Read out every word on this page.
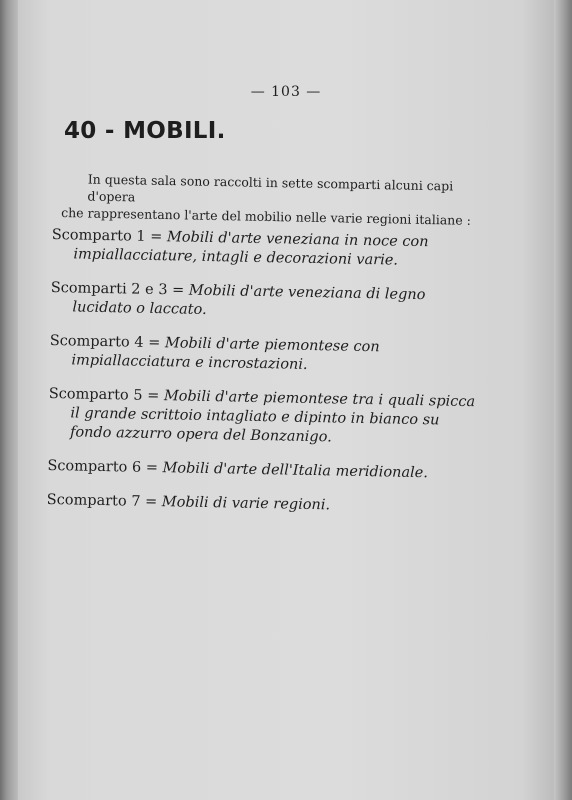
— 103 —
40 - MOBILI.
In questa sala sono raccolti in sette scomparti alcuni capi d'opera
che rappresentano l'arte del mobilio nelle varie regioni italiane :
Scomparto 1 = Mobili d'arte veneziana in noce con impiallacciature, intagli e decorazioni varie.
Scomparti 2 e 3 = Mobili d'arte veneziana di legno lucidato o laccato.
Scomparto 4 = Mobili d'arte piemontese con impiallacciatura e incrostazioni.
Scomparto 5 = Mobili d'arte piemontese tra i quali spicca il grande scrittoio intagliato e dipinto in bianco su fondo azzurro opera del Bonzanigo.
Scomparto 6 = Mobili d'arte dell'Italia meridionale.
Scomparto 7 = Mobili di varie regioni.
